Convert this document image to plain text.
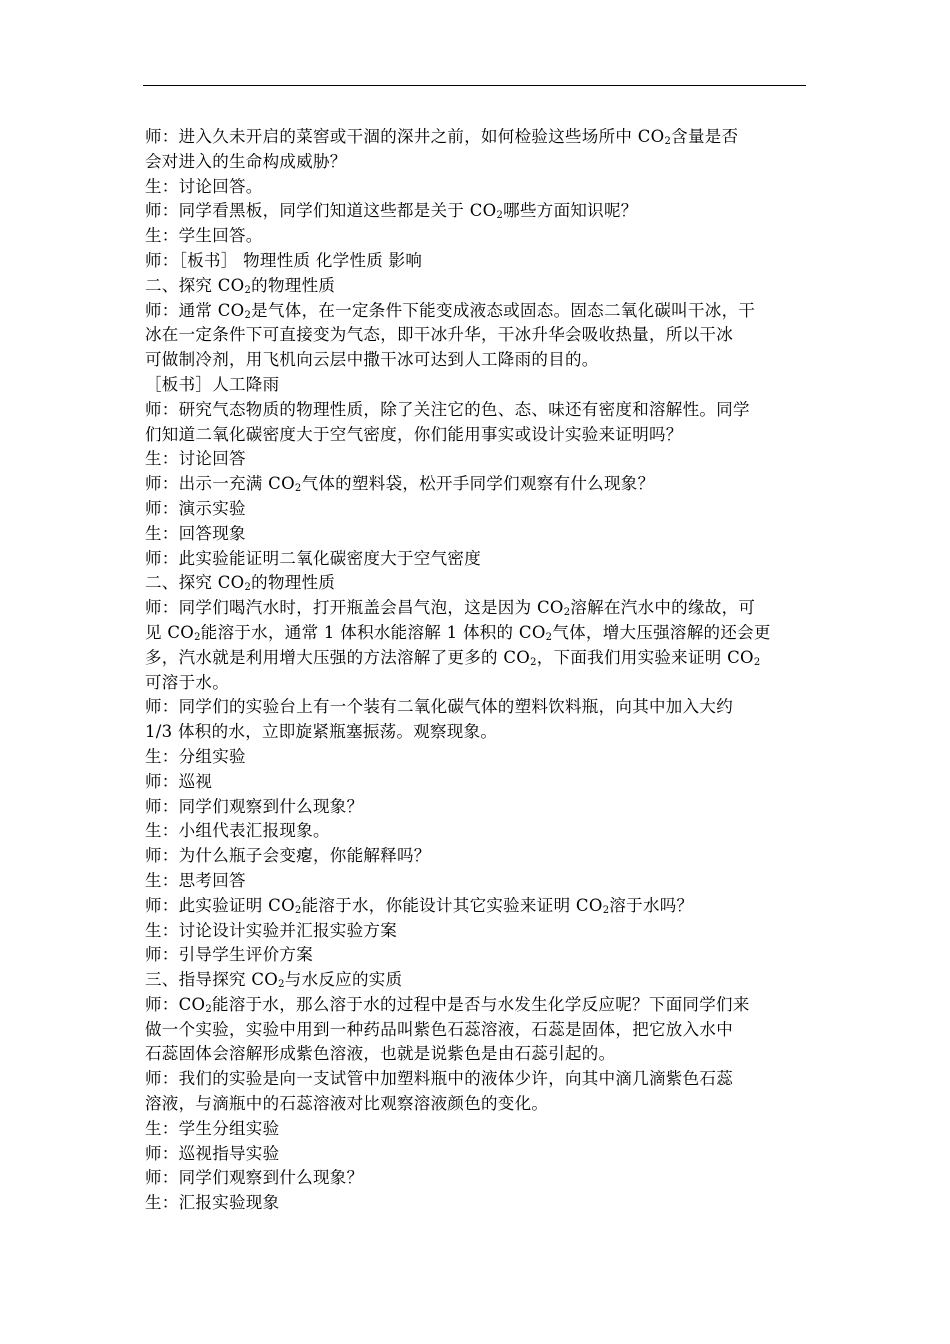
师：进入久未开启的菜窖或干涸的深井之前，如何检验这些场所中 $CO_2$含量是否
会对进入的生命构成威胁？
生：讨论回答。
师：同学看黑板，同学们知道这些都是关于 $CO_2$哪些方面知识呢？
生：学生回答。
师：［板书］ 物理性质 化学性质 影响
二、探究 $CO_2$的物理性质
师：通常 $CO_2$是气体，在一定条件下能变成液态或固态。固态二氧化碳叫干冰，干
冰在一定条件下可直接变为气态，即干冰升华，干冰升华会吸收热量，所以干冰
可做制冷剂，用飞机向云层中撒干冰可达到人工降雨的目的。
［板书］人工降雨
师：研究气态物质的物理性质，除了关注它的色、态、味还有密度和溶解性。同学
们知道二氧化碳密度大于空气密度，你们能用事实或设计实验来证明吗？
生：讨论回答
师：出示一充满 $CO_2$气体的塑料袋，松开手同学们观察有什么现象？
师：演示实验
生：回答现象
师：此实验能证明二氧化碳密度大于空气密度
二、探究 $CO_2$的物理性质
师：同学们喝汽水时，打开瓶盖会昌气泡，这是因为 $CO_2$溶解在汽水中的缘故，可
见 $CO_2$能溶于水，通常 1 体积水能溶解 1 体积的 $CO_2$气体，增大压强溶解的还会更
多，汽水就是利用增大压强的方法溶解了更多的 $CO_2$，下面我们用实验来证明 $CO_2$
可溶于水。
师：同学们的实验台上有一个装有二氧化碳气体的塑料饮料瓶，向其中加入大约
1/3 体积的水，立即旋紧瓶塞振荡。观察现象。
生：分组实验
师：巡视
师：同学们观察到什么现象？
生：小组代表汇报现象。
师：为什么瓶子会变瘪，你能解释吗？
生：思考回答
师：此实验证明 $CO_2$能溶于水，你能设计其它实验来证明 $CO_2$溶于水吗？
生：讨论设计实验并汇报实验方案
师：引导学生评价方案
三、指导探究 $CO_2$与水反应的实质
师：$CO_2$能溶于水，那么溶于水的过程中是否与水发生化学反应呢？下面同学们来
做一个实验，实验中用到一种药品叫紫色石蕊溶液，石蕊是固体，把它放入水中
石蕊固体会溶解形成紫色溶液，也就是说紫色是由石蕊引起的。
师：我们的实验是向一支试管中加塑料瓶中的液体少许，向其中滴几滴紫色石蕊
溶液，与滴瓶中的石蕊溶液对比观察溶液颜色的变化。
生：学生分组实验
师：巡视指导实验
师：同学们观察到什么现象？
生：汇报实验现象
